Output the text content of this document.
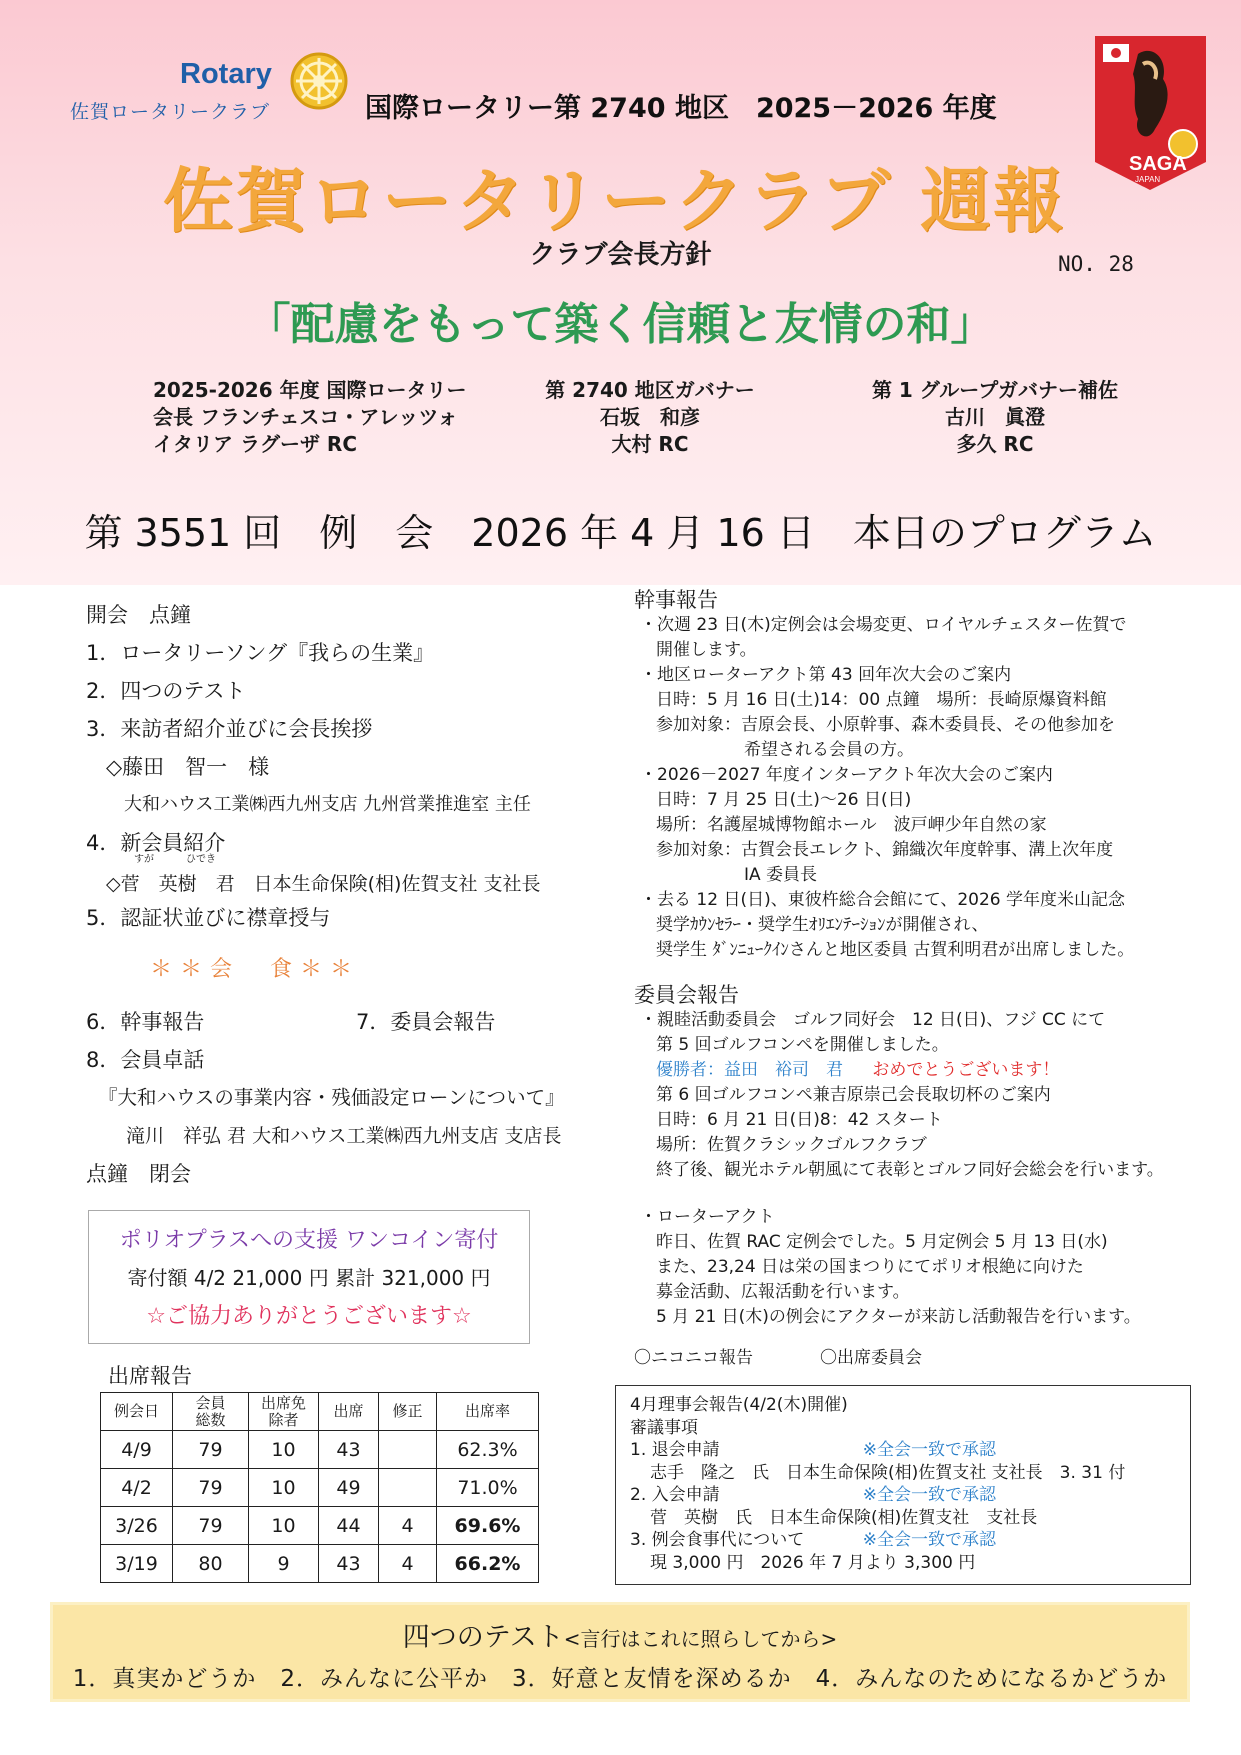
Rotary
佐賀ロータリークラブ	国際ロータリー第 2740 地区　2025－2026 年度
佐賀ロータリークラブ 週報
クラブ会長方針	NO. 28
「配慮をもって築く信頼と友情の和」
SAGA
JAPAN
2025-2026 年度 国際ロータリー
会長 フランチェスコ・アレッツォ
イタリア ラグーザ RC
第 2740 地区ガバナー
石坂　和彦
大村 RC
第 1 グループガバナー補佐
古川　眞澄
多久 RC
第 3551 回　例　会　2026 年 4 月 16 日　本日のプログラム
開会　点鐘
1．ロータリーソング『我らの生業』
2．四つのテスト
3．来訪者紹介並びに会長挨拶
◇藤田　智一　様
大和ハウス工業㈱西九州支店 九州営業推進室 主任
4．新会員紹介
すが	ひでき
◇菅　英樹　君　日本生命保険(相)佐賀支社 支社長
5．認証状並びに襟章授与
＊＊会　食＊＊
6．幹事報告	7．委員会報告
8．会員卓話
『大和ハウスの事業内容・残価設定ローンについて』
滝川　祥弘 君 大和ハウス工業㈱西九州支店 支店長
点鐘　閉会
ポリオプラスへの支援 ワンコイン寄付
寄付額 4/2 21,000 円 累計 321,000 円
☆ご協力ありがとうございます☆
出席報告
例会日	会員総数	出席免除者	出席	修正	出席率
4/9	79	10	43		62.3%
4/2	79	10	49		71.0%
3/26	79	10	44	4	69.6%
3/19	80	9	43	4	66.2%
幹事報告
・次週 23 日(木)定例会は会場変更、ロイヤルチェスター佐賀で
開催します。
・地区ローターアクト第 43 回年次大会のご案内
日時：5 月 16 日(土)14：00 点鐘　場所：長崎原爆資料館
参加対象：吉原会長、小原幹事、森木委員長、その他参加を
希望される会員の方。
・2026－2027 年度インターアクト年次大会のご案内
日時：7 月 25 日(土)～26 日(日)
場所：名護屋城博物館ホール　波戸岬少年自然の家
参加対象：古賀会長エレクト、錦織次年度幹事、溝上次年度
IA 委員長
・去る 12 日(日)、東彼杵総合会館にて、2026 学年度米山記念
奨学ｶｳﾝｾﾗｰ・奨学生ｵﾘｴﾝﾃｰｼｮﾝが開催され、
奨学生 ﾀﾞﾝﾆｭｰｸｲﾝさんと地区委員 古賀利明君が出席しました。
委員会報告
・親睦活動委員会　ゴルフ同好会　12 日(日)、フジ CC にて
第 5 回ゴルフコンペを開催しました。
優勝者：益田　裕司　君 おめでとうございます！
第 6 回ゴルフコンペ兼吉原崇己会長取切杯のご案内
日時：6 月 21 日(日)8：42 スタート
場所：佐賀クラシックゴルフクラブ
終了後、観光ホテル朝風にて表彰とゴルフ同好会総会を行います。
・ローターアクト
昨日、佐賀 RAC 定例会でした。5 月定例会 5 月 13 日(水)
また、23,24 日は栄の国まつりにてポリオ根絶に向けた
募金活動、広報活動を行います。
5 月 21 日(木)の例会にアクターが来訪し活動報告を行います。
〇ニコニコ報告	〇出席委員会
4月理事会報告(4/2(木)開催)
審議事項
1. 退会申請	※全会一致で承認
志手　隆之　氏　日本生命保険(相)佐賀支社 支社長　3. 31 付
2. 入会申請	※全会一致で承認
菅　英樹　氏　日本生命保険(相)佐賀支社　支社長
3. 例会食事代について	※全会一致で承認
現 3,000 円　2026 年 7 月より 3,300 円
四つのテスト<言行はこれに照らしてから>
1．真実かどうか　2．みんなに公平か　3．好意と友情を深めるか　4．みんなのためになるかどうか
